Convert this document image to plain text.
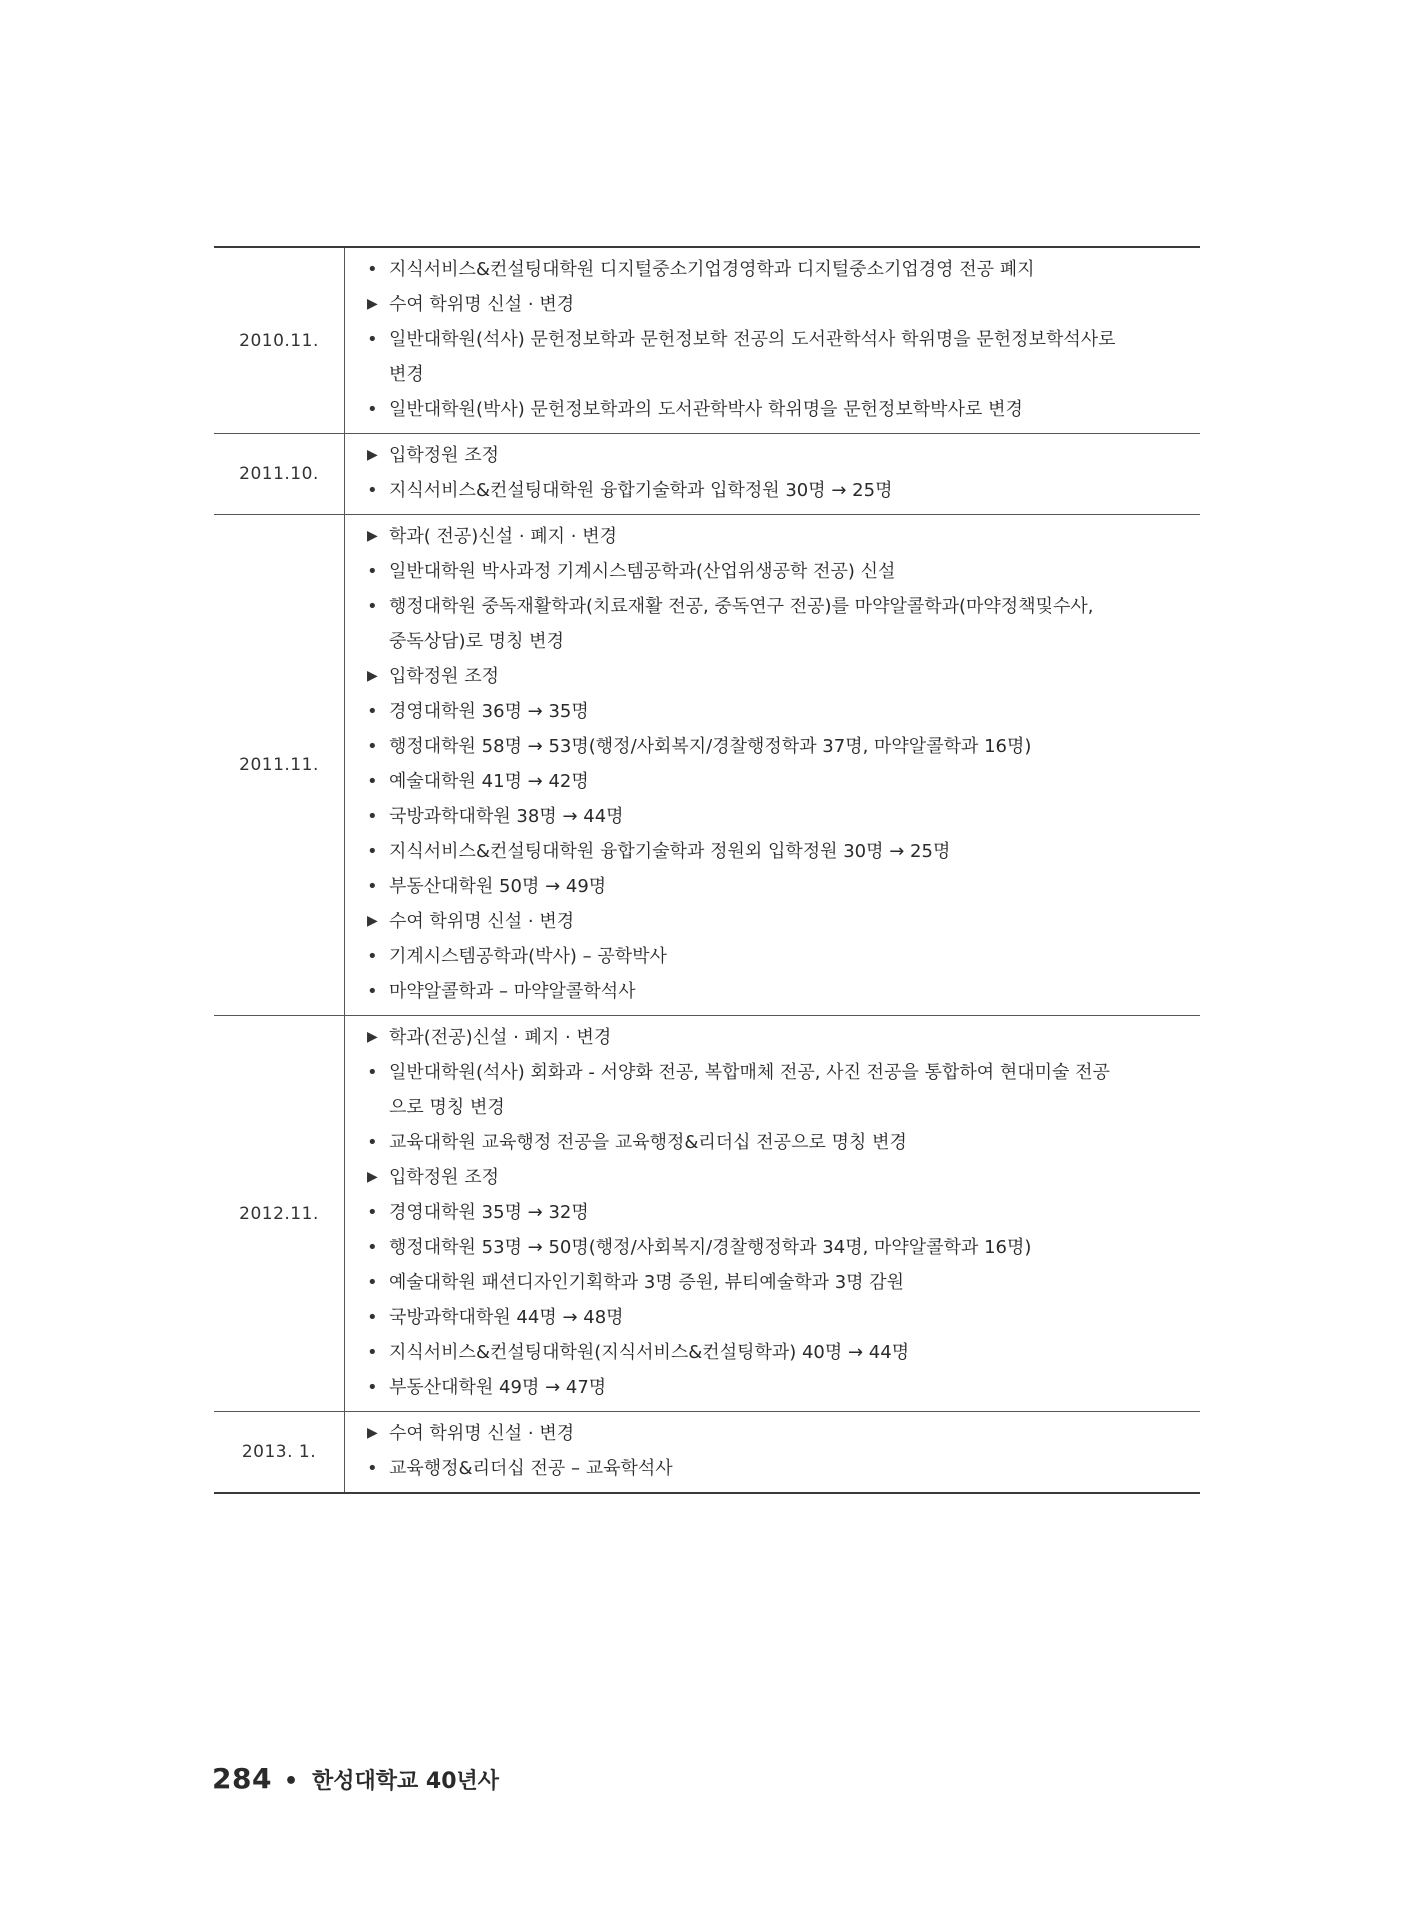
2010.11.
• 지식서비스&컨설팅대학원 디지털중소기업경영학과 디지털중소기업경영 전공 폐지
▶ 수여 학위명 신설 · 변경
• 일반대학원(석사) 문헌정보학과 문헌정보학 전공의 도서관학석사 학위명을 문헌정보학석사로
변경
• 일반대학원(박사) 문헌정보학과의 도서관학박사 학위명을 문헌정보학박사로 변경
2011.10.
▶ 입학정원 조정
• 지식서비스&컨설팅대학원 융합기술학과 입학정원 30명 → 25명
2011.11.
▶ 학과( 전공)신설 · 폐지 · 변경
• 일반대학원 박사과정 기계시스템공학과(산업위생공학 전공) 신설
• 행정대학원 중독재활학과(치료재활 전공, 중독연구 전공)를 마약알콜학과(마약정책및수사,
중독상담)로 명칭 변경
▶ 입학정원 조정
• 경영대학원 36명 → 35명
• 행정대학원 58명 → 53명(행정/사회복지/경찰행정학과 37명, 마약알콜학과 16명)
• 예술대학원 41명 → 42명
• 국방과학대학원 38명 → 44명
• 지식서비스&컨설팅대학원 융합기술학과 정원외 입학정원 30명 → 25명
• 부동산대학원 50명 → 49명
▶ 수여 학위명 신설 · 변경
• 기계시스템공학과(박사) – 공학박사
• 마약알콜학과 – 마약알콜학석사
2012.11.
▶ 학과(전공)신설 · 폐지 · 변경
• 일반대학원(석사) 회화과 - 서양화 전공, 복합매체 전공, 사진 전공을 통합하여 현대미술 전공
으로 명칭 변경
• 교육대학원 교육행정 전공을 교육행정&리더십 전공으로 명칭 변경
▶ 입학정원 조정
• 경영대학원 35명 → 32명
• 행정대학원 53명 → 50명(행정/사회복지/경찰행정학과 34명, 마약알콜학과 16명)
• 예술대학원 패션디자인기획학과 3명 증원, 뷰티예술학과 3명 감원
• 국방과학대학원 44명 → 48명
• 지식서비스&컨설팅대학원(지식서비스&컨설팅학과) 40명 → 44명
• 부동산대학원 49명 → 47명
2013. 1.
▶ 수여 학위명 신설 · 변경
• 교육행정&리더십 전공 – 교육학석사
284 • 한성대학교 40년사
